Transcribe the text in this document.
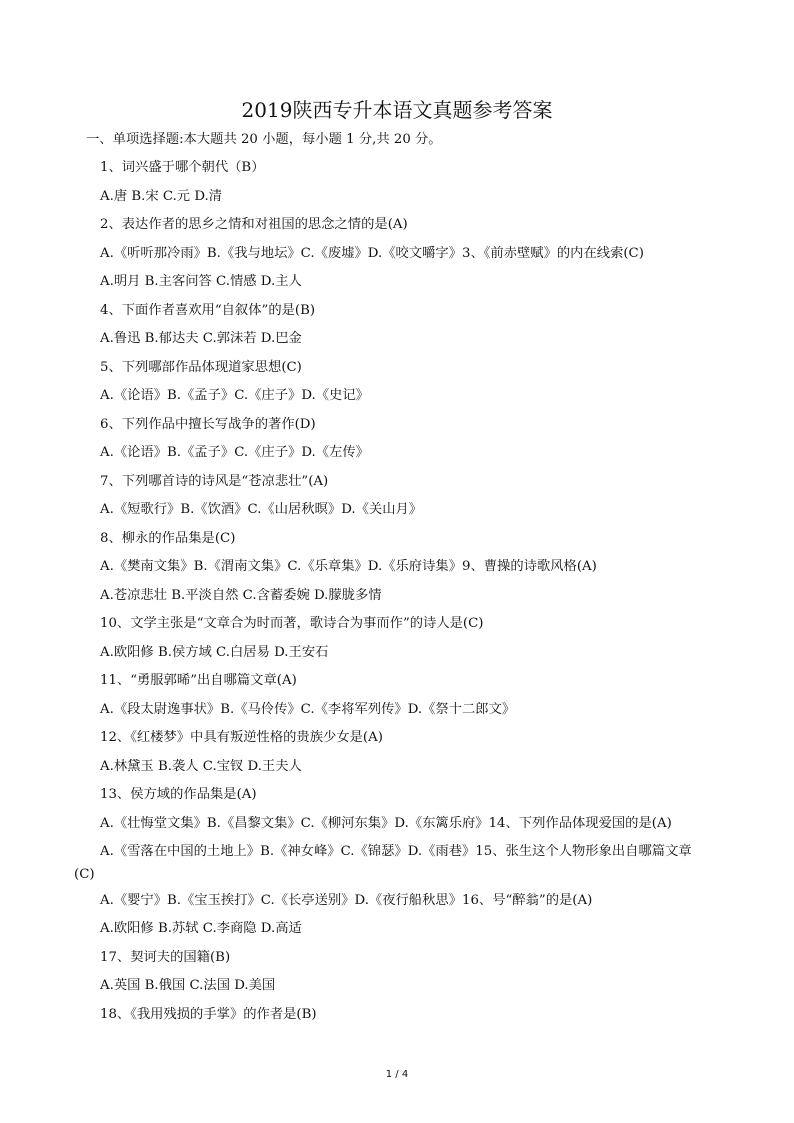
2019陕西专升本语文真题参考答案
一、单项选择题:本大题共 20 小题，每小题 1 分,共 20 分。
1、词兴盛于哪个朝代（B）
A.唐 B.宋 C.元 D.清
2、表达作者的思乡之情和对祖国的思念之情的是(A)
A.《听听那冷雨》B.《我与地坛》C.《废墟》D.《咬文嚼字》3、《前赤壁赋》的内在线索(C)
A.明月 B.主客问答 C.情感 D.主人
4、下面作者喜欢用“自叙体”的是(B)
A.鲁迅 B.郁达夫 C.郭沫若 D.巴金
5、下列哪部作品体现道家思想(C)
A.《论语》B.《孟子》C.《庄子》D.《史记》
6、下列作品中擅长写战争的著作(D)
A.《论语》B.《孟子》C.《庄子》D.《左传》
7、下列哪首诗的诗风是“苍凉悲壮”(A)
A.《短歌行》B.《饮酒》C.《山居秋暝》D.《关山月》
8、柳永的作品集是(C)
A.《樊南文集》B.《渭南文集》C.《乐章集》D.《乐府诗集》9、曹操的诗歌风格(A)
A.苍凉悲壮 B.平淡自然 C.含蓄委婉 D.朦胧多情
10、文学主张是“文章合为时而著，歌诗合为事而作”的诗人是(C)
A.欧阳修 B.侯方域 C.白居易 D.王安石
11、“勇服郭晞”出自哪篇文章(A)
A.《段太尉逸事状》B.《马伶传》C.《李将军列传》D.《祭十二郎文》
12、《红楼梦》中具有叛逆性格的贵族少女是(A)
A.林黛玉 B.袭人 C.宝钗 D.王夫人
13、侯方域的作品集是(A)
A.《壮悔堂文集》B.《昌黎文集》C.《柳河东集》D.《东篱乐府》14、下列作品体现爱国的是(A)
A.《雪落在中国的土地上》B.《神女峰》C.《锦瑟》D.《雨巷》15、张生这个人物形象出自哪篇文章
(C)
A.《婴宁》B.《宝玉挨打》C.《长亭送别》D.《夜行船秋思》16、号“醉翁”的是(A)
A.欧阳修 B.苏轼 C.李商隐 D.高适
17、契诃夫的国籍(B)
A.英国 B.俄国 C.法国 D.美国
18、《我用残损的手掌》的作者是(B)
1 / 4
